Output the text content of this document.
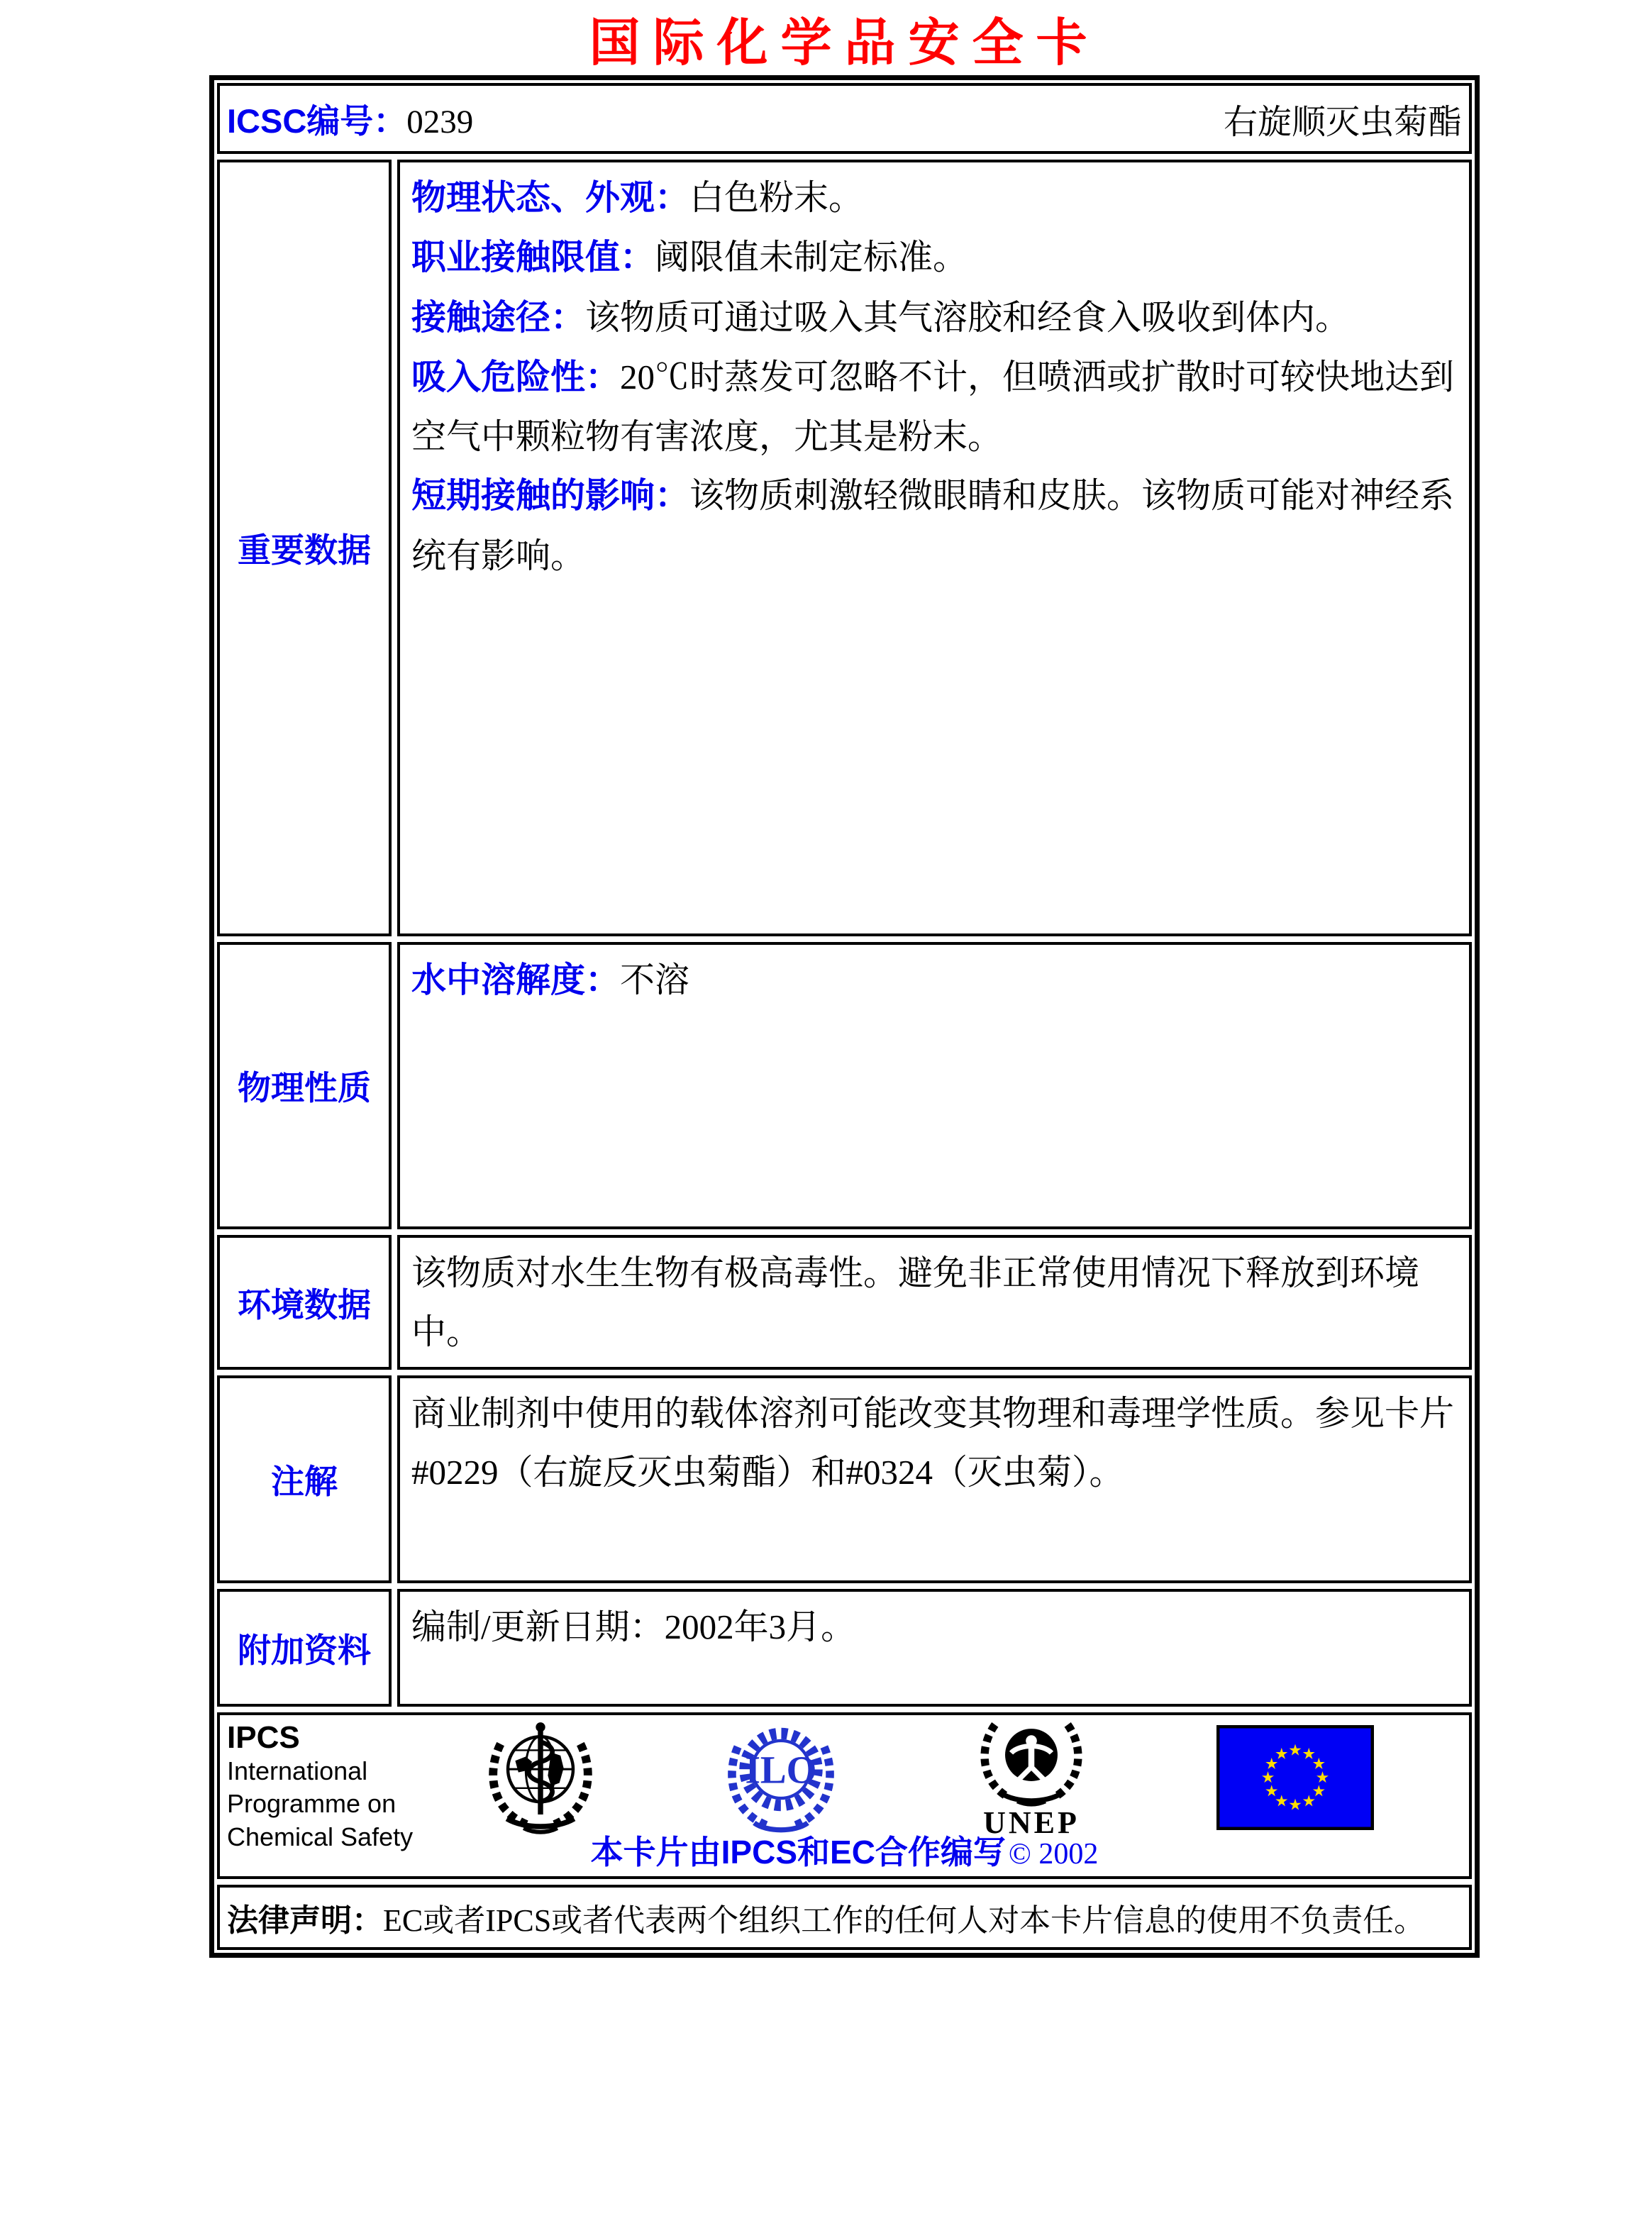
国际化学品安全卡
ICSC编号：0239	右旋顺灭虫菊酯
重要数据
物理状态、外观：白色粉末。
职业接触限值：阈限值未制定标准。
接触途径：该物质可通过吸入其气溶胶和经食入吸收到体内。
吸入危险性：20℃时蒸发可忽略不计，但喷洒或扩散时可较快地达到空气中颗粒物有害浓度，尤其是粉末。
短期接触的影响：该物质刺激轻微眼睛和皮肤。该物质可能对神经系统有影响。
物理性质
水中溶解度：不溶
环境数据
该物质对水生生物有极高毒性。避免非正常使用情况下释放到环境中。
注解
商业制剂中使用的载体溶剂可能改变其物理和毒理学性质。参见卡片#0229（右旋反灭虫菊酯）和#0324（灭虫菊）。
附加资料
编制/更新日期：2002年3月。
IPCS
International
Programme on
Chemical Safety
ILO
UNEP
本卡片由IPCS和EC合作编写 © 2002
法律声明： EC或者IPCS或者代表两个组织工作的任何人对本卡片信息的使用不负责任。
